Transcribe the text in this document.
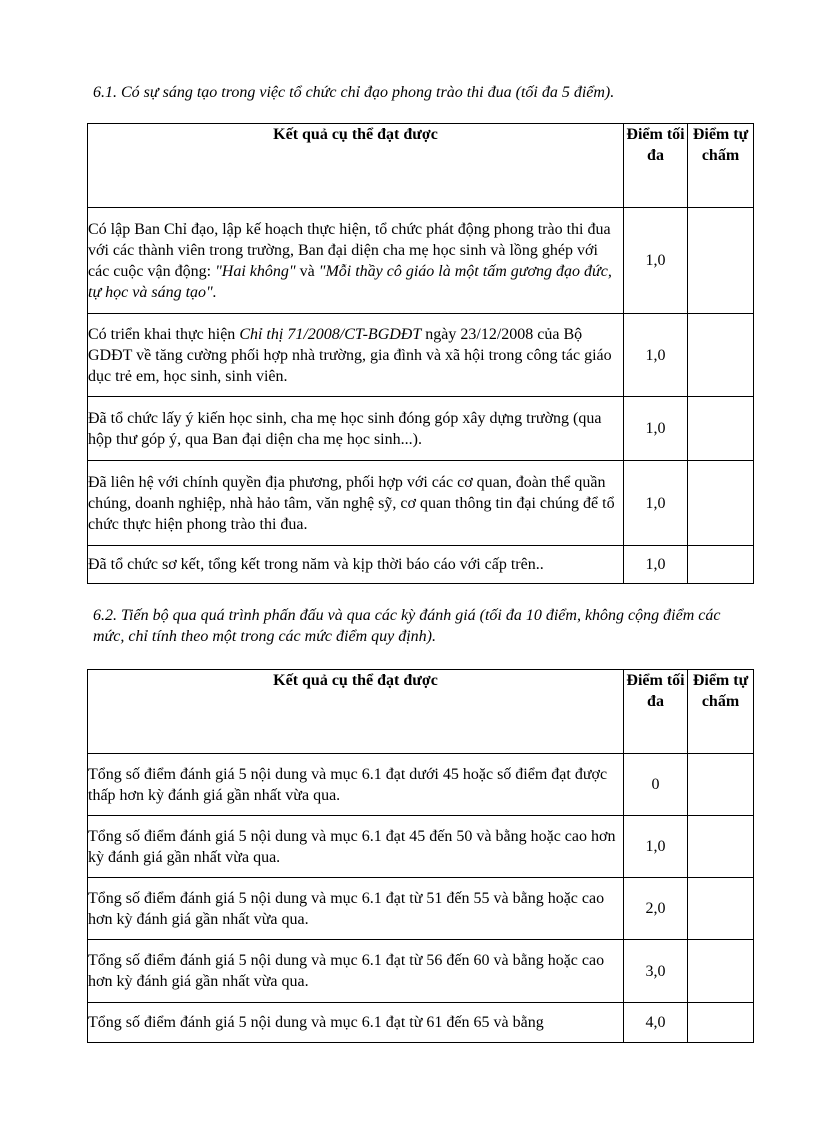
6.1. Có sự sáng tạo trong việc tổ chức chỉ đạo phong trào thi đua (tối đa 5 điểm).

Kết quả cụ thể đạt được	Điểm tối đa	Điểm tự chấm
Có lập Ban Chỉ đạo, lập kế hoạch thực hiện, tổ chức phát động phong trào thi đua với các thành viên trong trường, Ban đại diện cha mẹ học sinh và lồng ghép với các cuộc vận động: "Hai không" và "Mỗi thầy cô giáo là một tấm gương đạo đức, tự học và sáng tạo".	1,0	
Có triển khai thực hiện Chỉ thị 71/2008/CT-BGDĐT ngày 23/12/2008 của Bộ GDĐT về tăng cường phối hợp nhà trường, gia đình và xã hội trong công tác giáo dục trẻ em, học sinh, sinh viên.	1,0	
Đã tổ chức lấy ý kiến học sinh, cha mẹ học sinh đóng góp xây dựng trường (qua hộp thư góp ý, qua Ban đại diện cha mẹ học sinh...).	1,0	
Đã liên hệ với chính quyền địa phương, phối hợp với các cơ quan, đoàn thể quần chúng, doanh nghiệp, nhà hảo tâm, văn nghệ sỹ, cơ quan thông tin đại chúng để tổ chức thực hiện phong trào thi đua.	1,0	
Đã tổ chức sơ kết, tổng kết trong năm và kịp thời báo cáo với cấp trên..	1,0	

6.2. Tiến bộ qua quá trình phấn đấu và qua các kỳ đánh giá (tối đa 10 điểm, không cộng điểm các mức, chỉ tính theo một trong các mức điểm quy định).

Kết quả cụ thể đạt được	Điểm tối đa	Điểm tự chấm
Tổng số điểm đánh giá 5 nội dung và mục 6.1 đạt dưới 45 hoặc số điểm đạt được thấp hơn kỳ đánh giá gần nhất vừa qua.	0	
Tổng số điểm đánh giá 5 nội dung và mục 6.1 đạt 45 đến 50 và bằng hoặc cao hơn kỳ đánh giá gần nhất vừa qua.	1,0	
Tổng số điểm đánh giá 5 nội dung và mục 6.1 đạt từ 51 đến 55 và bằng hoặc cao hơn kỳ đánh giá gần nhất vừa qua.	2,0	
Tổng số điểm đánh giá 5 nội dung và mục 6.1 đạt từ 56 đến 60 và bằng hoặc cao hơn kỳ đánh giá gần nhất vừa qua.	3,0	
Tổng số điểm đánh giá 5 nội dung và mục 6.1 đạt từ 61 đến 65 và bằng	4,0	
